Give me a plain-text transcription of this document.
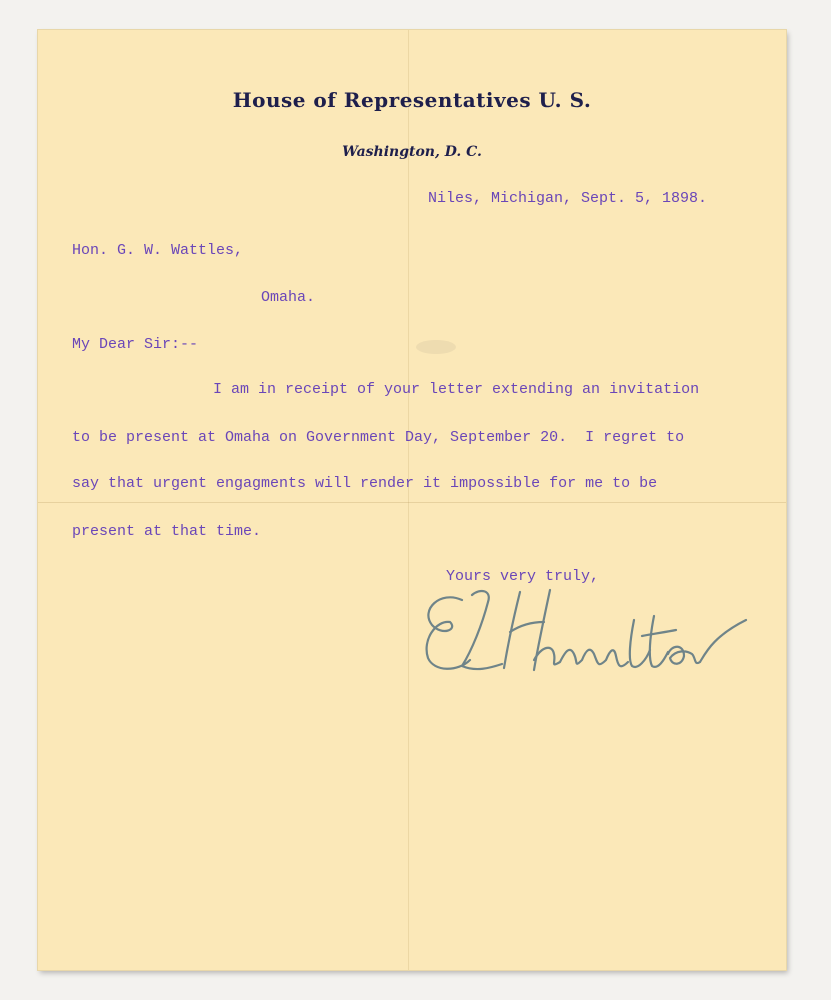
House of Representatives U. S.
Washington, D. C.
Niles, Michigan, Sept. 5, 1898.
Hon. G. W. Wattles,
Omaha.
My Dear Sir:--
I am in receipt of your letter extending an invitation
to be present at Omaha on Government Day, September 20.  I regret to
say that urgent engagments will render it impossible for me to be
present at that time.
Yours very truly,
